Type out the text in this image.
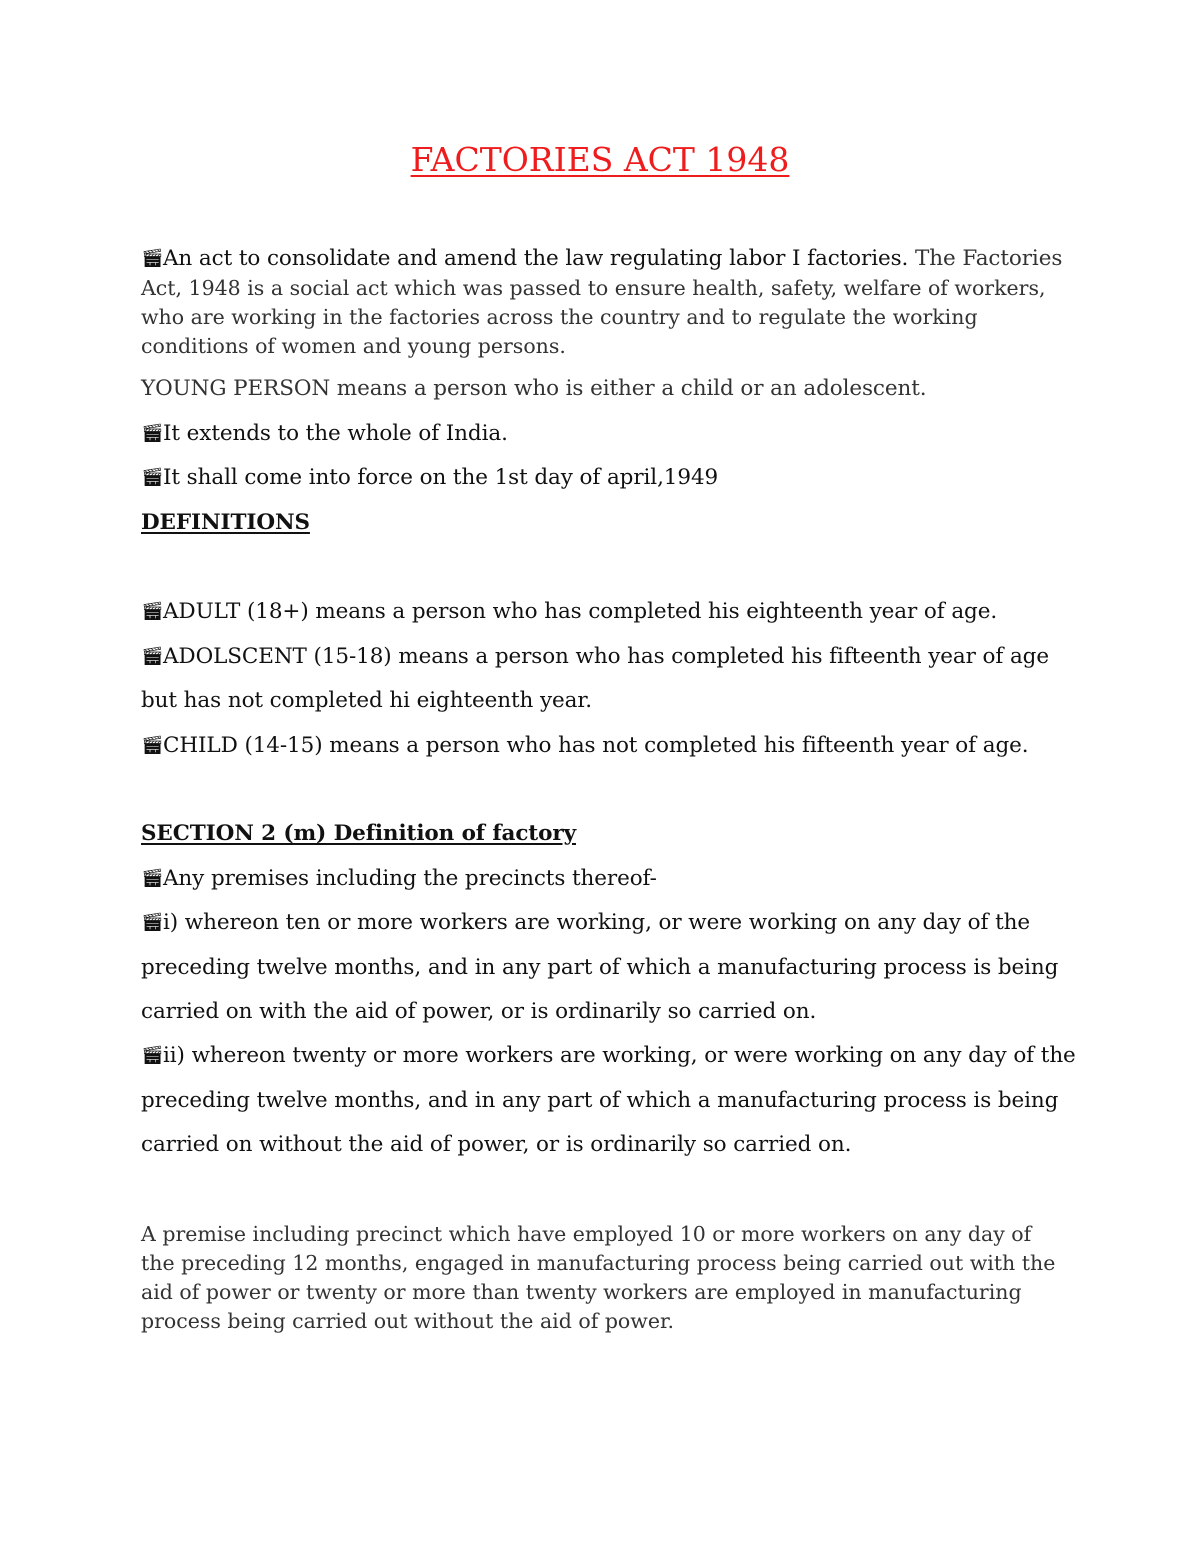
FACTORIES ACT 1948
🎬︎An act to consolidate and amend the law regulating labor I factories. The Factories
Act, 1948 is a social act which was passed to ensure health, safety, welfare of workers,
who are working in the factories across the country and to regulate the working
conditions of women and young persons.
YOUNG PERSON means a person who is either a child or an adolescent.
🎬︎It extends to the whole of India.
🎬︎It shall come into force on the 1st day of april,1949
DEFINITIONS
🎬︎ADULT (18+) means a person who has completed his eighteenth year of age.
🎬︎ADOLSCENT (15-18) means a person who has completed his fifteenth year of age
but has not completed hi eighteenth year.
🎬︎CHILD (14-15) means a person who has not completed his fifteenth year of age.
SECTION 2 (m) Definition of factory
🎬︎Any premises including the precincts thereof-
🎬︎i) whereon ten or more workers are working, or were working on any day of the
preceding twelve months, and in any part of which a manufacturing process is being
carried on with the aid of power, or is ordinarily so carried on.
🎬︎ii) whereon twenty or more workers are working, or were working on any day of the
preceding twelve months, and in any part of which a manufacturing process is being
carried on without the aid of power, or is ordinarily so carried on.
A premise including precinct which have employed 10 or more workers on any day of
the preceding 12 months, engaged in manufacturing process being carried out with the
aid of power or twenty or more than twenty workers are employed in manufacturing
process being carried out without the aid of power.
